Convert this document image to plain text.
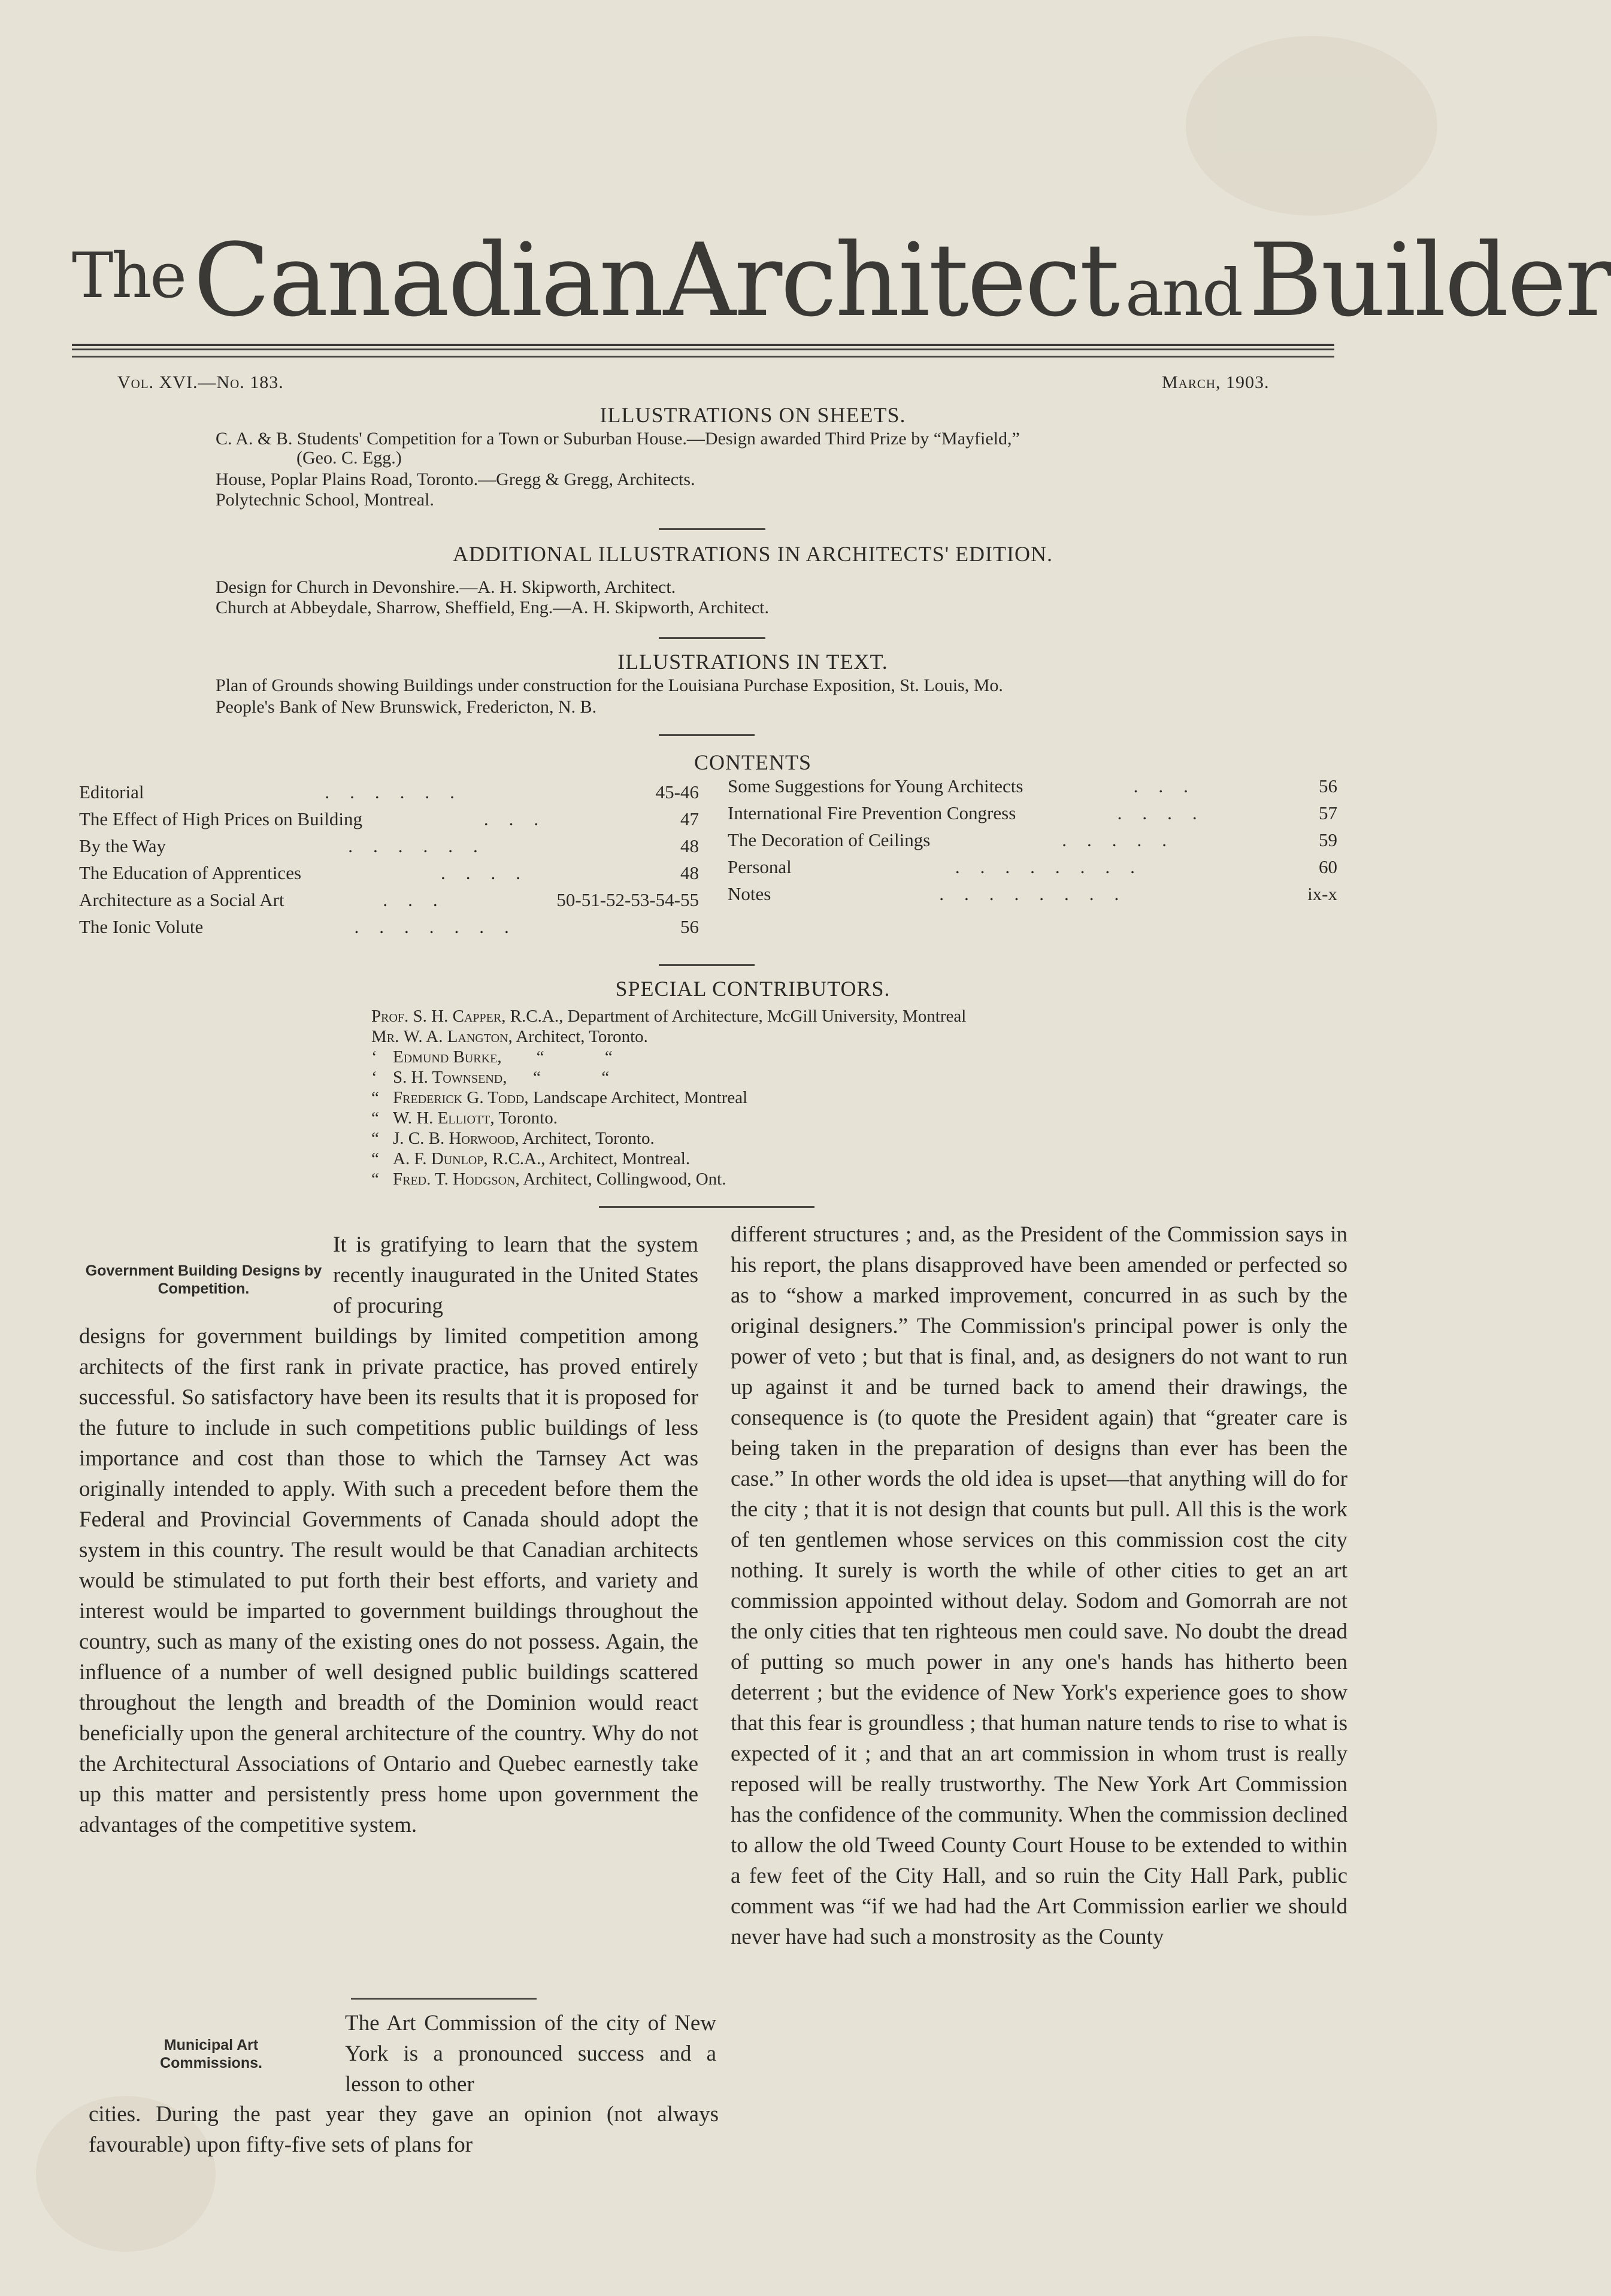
TheCanadian Architect andBuilder
Vol. XVI.—No. 183.	March, 1903.
ILLUSTRATIONS ON SHEETS.
C. A. & B. Students' Competition for a Town or Suburban House.—Design awarded Third Prize by “Mayfield,”
(Geo. C. Egg.)
House, Poplar Plains Road, Toronto.—Gregg & Gregg, Architects.
Polytechnic School, Montreal.
ADDITIONAL ILLUSTRATIONS IN ARCHITECTS' EDITION.
Design for Church in Devonshire.—A. H. Skipworth, Architect.
Church at Abbeydale, Sharrow, Sheffield, Eng.—A. H. Skipworth, Architect.
ILLUSTRATIONS IN TEXT.
Plan of Grounds showing Buildings under construction for the Louisiana Purchase Exposition, St. Louis, Mo.
People's Bank of New Brunswick, Fredericton, N. B.
CONTENTS
Editorial	......	45-46
The Effect of High Prices on Building	...	47
By the Way	......	48
The Education of Apprentices	....	48
Architecture as a Social Art	...	50-51-52-53-54-55
The Ionic Volute	.......	56
Some Suggestions for Young Architects	...	56
International Fire Prevention Congress	....	57
The Decoration of Ceilings	.....	59
Personal	........	60
Notes	........	ix-x
SPECIAL CONTRIBUTORS.
Prof. S. H. Capper, R.C.A., Department of Architecture, McGill University, Montreal
Mr. W. A. Langton, Architect, Toronto.
‘ Edmund Burke,        “              “
‘ S. H. Townsend,      “              “
“ Frederick G. Todd, Landscape Architect, Montreal
“ W. H. Elliott, Toronto.
“ J. C. B. Horwood, Architect, Toronto.
“ A. F. Dunlop, R.C.A., Architect, Montreal.
“ Fred. T. Hodgson, Architect, Collingwood, Ont.
Government Building Designs by Competition.
It is gratifying to learn that the system recently inaugurated in the United States of procuring
designs for government buildings by limited competition among architects of the first rank in private practice, has proved entirely successful. So satisfactory have been its results that it is proposed for the future to include in such competitions public buildings of less importance and cost than those to which the Tarnsey Act was originally intended to apply. With such a precedent before them the Federal and Provincial Governments of Canada should adopt the system in this country. The result would be that Canadian architects would be stimulated to put forth their best efforts, and variety and interest would be imparted to government buildings throughout the country, such as many of the existing ones do not possess. Again, the influence of a number of well designed public buildings scattered throughout the length and breadth of the Dominion would react beneficially upon the general architecture of the country. Why do not the Architectural Associations of Ontario and Quebec earnestly take up this matter and persistently press home upon government the advantages of the competitive system.
Municipal Art Commissions.
The Art Commission of the city of New York is a pronounced success and a lesson to other
cities. During the past year they gave an opinion (not always favourable) upon fifty-five sets of plans for
different structures ; and, as the President of the Commission says in his report, the plans disapproved have been amended or perfected so as to “show a marked improvement, concurred in as such by the original designers.” The Commission's principal power is only the power of veto ; but that is final, and, as designers do not want to run up against it and be turned back to amend their drawings, the consequence is (to quote the President again) that “greater care is being taken in the preparation of designs than ever has been the case.” In other words the old idea is upset—that anything will do for the city ; that it is not design that counts but pull. All this is the work of ten gentlemen whose services on this commission cost the city nothing. It surely is worth the while of other cities to get an art commission appointed without delay. Sodom and Gomorrah are not the only cities that ten righteous men could save. No doubt the dread of putting so much power in any one's hands has hitherto been deterrent ; but the evidence of New York's experience goes to show that this fear is groundless ; that human nature tends to rise to what is expected of it ; and that an art commission in whom trust is really reposed will be really trustworthy. The New York Art Commission has the confidence of the community. When the commission declined to allow the old Tweed County Court House to be extended to within a few feet of the City Hall, and so ruin the City Hall Park, public comment was “if we had had the Art Commission earlier we should never have had such a monstrosity as the County
